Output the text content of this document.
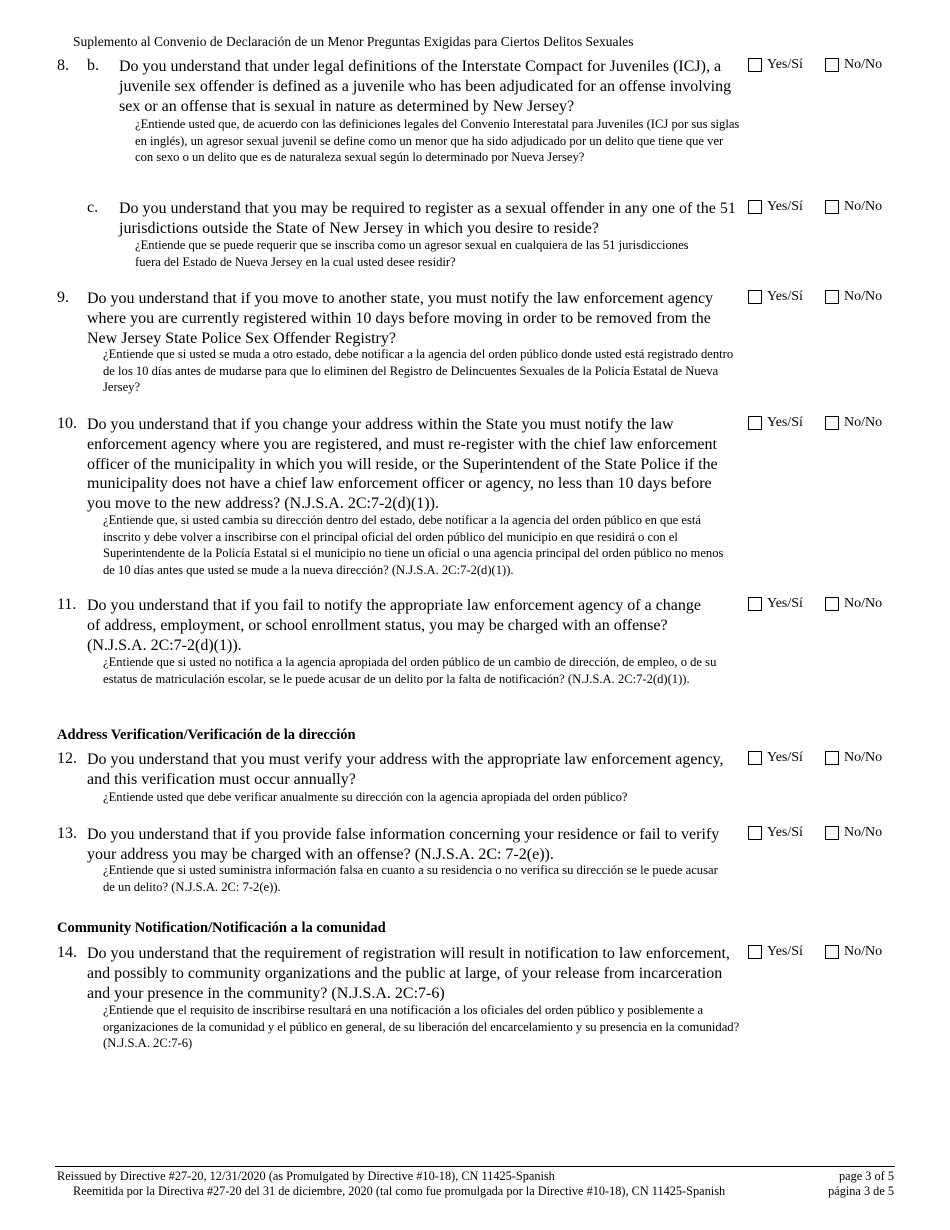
Suplemento al Convenio de Declaración de un Menor Preguntas Exigidas para Ciertos Delitos Sexuales
8. b. Do you understand that under legal definitions of the Interstate Compact for Juveniles (ICJ), a juvenile sex offender is defined as a juvenile who has been adjudicated for an offense involving sex or an offense that is sexual in nature as determined by New Jersey?
¿Entiende usted que, de acuerdo con las definiciones legales del Convenio Interestatal para Juveniles (ICJ por sus siglas en inglés), un agresor sexual juvenil se define como un menor que ha sido adjudicado por un delito que tiene que ver con sexo o un delito que es de naturaleza sexual según lo determinado por Nueva Jersey?
Yes/Sí	No/No
c. Do you understand that you may be required to register as a sexual offender in any one of the 51 jurisdictions outside the State of New Jersey in which you desire to reside?
¿Entiende que se puede requerir que se inscriba como un agresor sexual en cualquiera de las 51 jurisdicciones fuera del Estado de Nueva Jersey en la cual usted desee residir?
Yes/Sí	No/No
9. Do you understand that if you move to another state, you must notify the law enforcement agency where you are currently registered within 10 days before moving in order to be removed from the New Jersey State Police Sex Offender Registry?
¿Entiende que si usted se muda a otro estado, debe notificar a la agencia del orden público donde usted está registrado dentro de los 10 días antes de mudarse para que lo eliminen del Registro de Delincuentes Sexuales de la Policía Estatal de Nueva Jersey?
Yes/Sí	No/No
10. Do you understand that if you change your address within the State you must notify the law enforcement agency where you are registered, and must re-register with the chief law enforcement officer of the municipality in which you will reside, or the Superintendent of the State Police if the municipality does not have a chief law enforcement officer or agency, no less than 10 days before you move to the new address? (N.J.S.A. 2C:7-2(d)(1)).
¿Entiende que, si usted cambia su dirección dentro del estado, debe notificar a la agencia del orden público en que está inscrito y debe volver a inscribirse con el principal oficial del orden público del municipio en que residirá o con el Superintendente de la Policía Estatal si el municipio no tiene un oficial o una agencia principal del orden público no menos de 10 días antes que usted se mude a la nueva dirección? (N.J.S.A. 2C:7-2(d)(1)).
Yes/Sí	No/No
11. Do you understand that if you fail to notify the appropriate law enforcement agency of a change of address, employment, or school enrollment status, you may be charged with an offense? (N.J.S.A. 2C:7-2(d)(1)).
¿Entiende que si usted no notifica a la agencia apropiada del orden público de un cambio de dirección, de empleo, o de su estatus de matriculación escolar, se le puede acusar de un delito por la falta de notificación? (N.J.S.A. 2C:7-2(d)(1)).
Yes/Sí	No/No
Address Verification/Verificación de la dirección
12. Do you understand that you must verify your address with the appropriate law enforcement agency, and this verification must occur annually?
¿Entiende usted que debe verificar anualmente su dirección con la agencia apropiada del orden público?
Yes/Sí	No/No
13. Do you understand that if you provide false information concerning your residence or fail to verify your address you may be charged with an offense? (N.J.S.A. 2C: 7-2(e)).
¿Entiende que si usted suministra información falsa en cuanto a su residencia o no verifica su dirección se le puede acusar de un delito? (N.J.S.A. 2C: 7-2(e)).
Yes/Sí	No/No
Community Notification/Notificación a la comunidad
14. Do you understand that the requirement of registration will result in notification to law enforcement, and possibly to community organizations and the public at large, of your release from incarceration and your presence in the community? (N.J.S.A. 2C:7-6)
¿Entiende que el requisito de inscribirse resultará en una notificación a los oficiales del orden público y posiblemente a organizaciones de la comunidad y el público en general, de su liberación del encarcelamiento y su presencia en la comunidad? (N.J.S.A. 2C:7-6)
Yes/Sí	No/No
Reissued by Directive #27-20, 12/31/2020 (as Promulgated by Directive #10-18), CN 11425-Spanish
Reemitida por la Directiva #27-20 del 31 de diciembre, 2020 (tal como fue promulgada por la Directive #10-18), CN 11425-Spanish
page 3 of 5
página 3 de 5
